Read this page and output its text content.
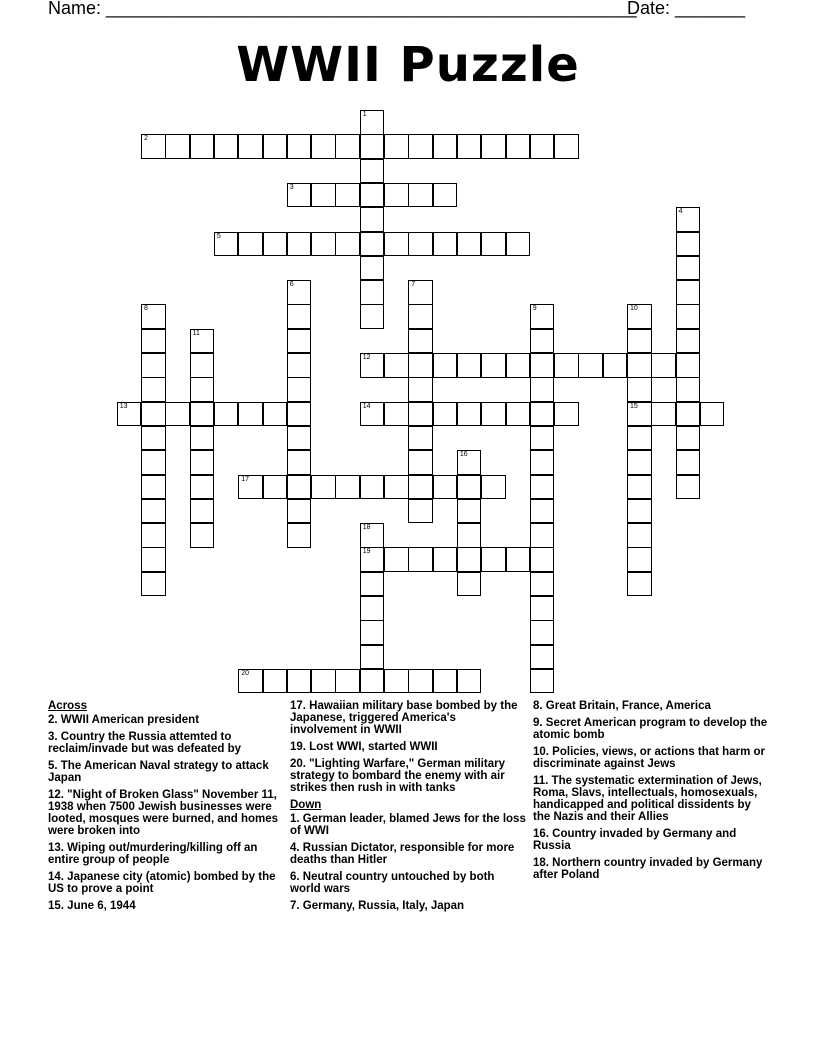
Name: _____________________________________________________
Date: _______
WWII Puzzle
2
3
5
12
13	14	15
17
19
20
1
4
6	7
8	9	10
11
16
18
Across
2. WWII American president
3. Country the Russia attemted to reclaim/invade but was defeated by
5. The American Naval strategy to attack Japan
12. "Night of Broken Glass" November 11, 1938 when 7500 Jewish businesses were looted, mosques were burned, and homes were broken into
13. Wiping out/murdering/killing off an entire group of people
14. Japanese city (atomic) bombed by the US to prove a point
15. June 6, 1944
17. Hawaiian military base bombed by the Japanese, triggered America's involvement in WWII
19. Lost WWI, started WWII
20. "Lighting Warfare," German military strategy to bombard the enemy with air strikes then rush in with tanks
Down
1. German leader, blamed Jews for the loss of WWI
4. Russian Dictator, responsible for more deaths than Hitler
6. Neutral country untouched by both world wars
7. Germany, Russia, Italy, Japan
8. Great Britain, France, America
9. Secret American program to develop the atomic bomb
10. Policies, views, or actions that harm or discriminate against Jews
11. The systematic extermination of Jews, Roma, Slavs, intellectuals, homosexuals, handicapped and political dissidents by the Nazis and their Allies
16. Country invaded by Germany and Russia
18. Northern country invaded by Germany after Poland
